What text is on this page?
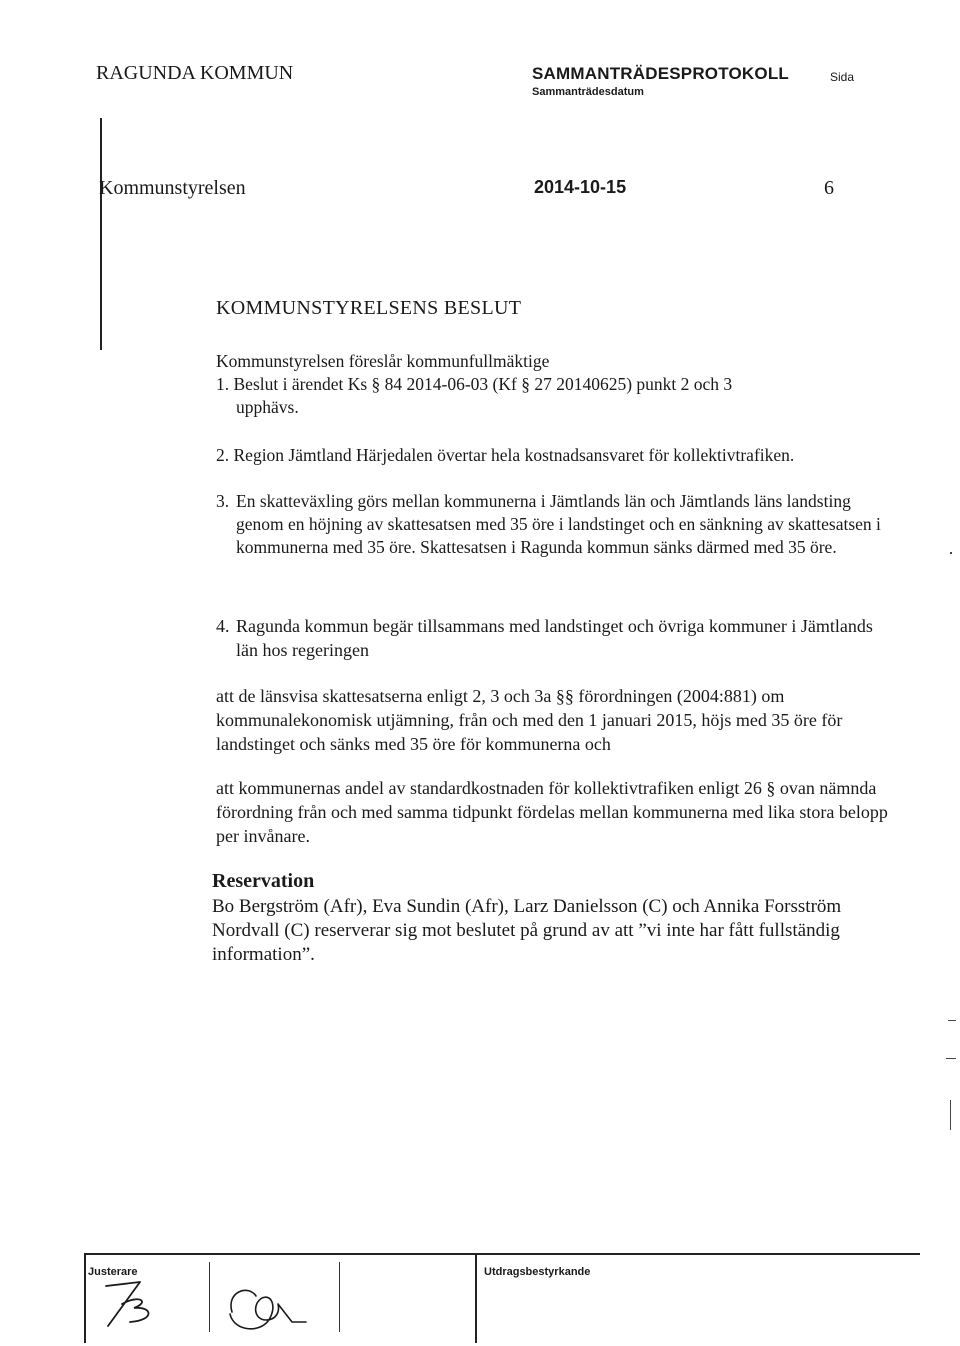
RAGUNDA KOMMUN	SAMMANTRÄDESPROTOKOLL
Sammanträdesdatum
Sida
Kommunstyrelsen	2014-10-15	6
KOMMUNSTYRELSENS BESLUT
Kommunstyrelsen föreslår kommunfullmäktige
1. Beslut i ärendet Ks § 84 2014-06-03 (Kf § 27 20140625) punkt 2 och 3
upphävs.
2. Region Jämtland Härjedalen övertar hela kostnadsansvaret för kollektivtrafiken.
3. En skatteväxling görs mellan kommunerna i Jämtlands län och Jämtlands läns landsting genom en höjning av skattesatsen med 35 öre i landstinget och en sänkning av skattesatsen i kommunerna med 35 öre. Skattesatsen i Ragunda kommun sänks därmed med 35 öre.
4. Ragunda kommun begär tillsammans med landstinget och övriga kommuner i Jämtlands län hos regeringen
att de länsvisa skattesatserna enligt 2, 3 och 3a §§ förordningen (2004:881) om kommunalekonomisk utjämning, från och med den 1 januari 2015, höjs med 35 öre för landstinget och sänks med 35 öre för kommunerna och
att kommunernas andel av standardkostnaden för kollektivtrafiken enligt 26 § ovan nämnda förordning från och med samma tidpunkt fördelas mellan kommunerna med lika stora belopp per invånare.
Reservation
Bo Bergström (Afr), Eva Sundin (Afr), Larz Danielsson (C) och Annika Forsström Nordvall (C) reserverar sig mot beslutet på grund av att ”vi inte har fått fullständig information”.
Justerare	Utdragsbestyrkande
